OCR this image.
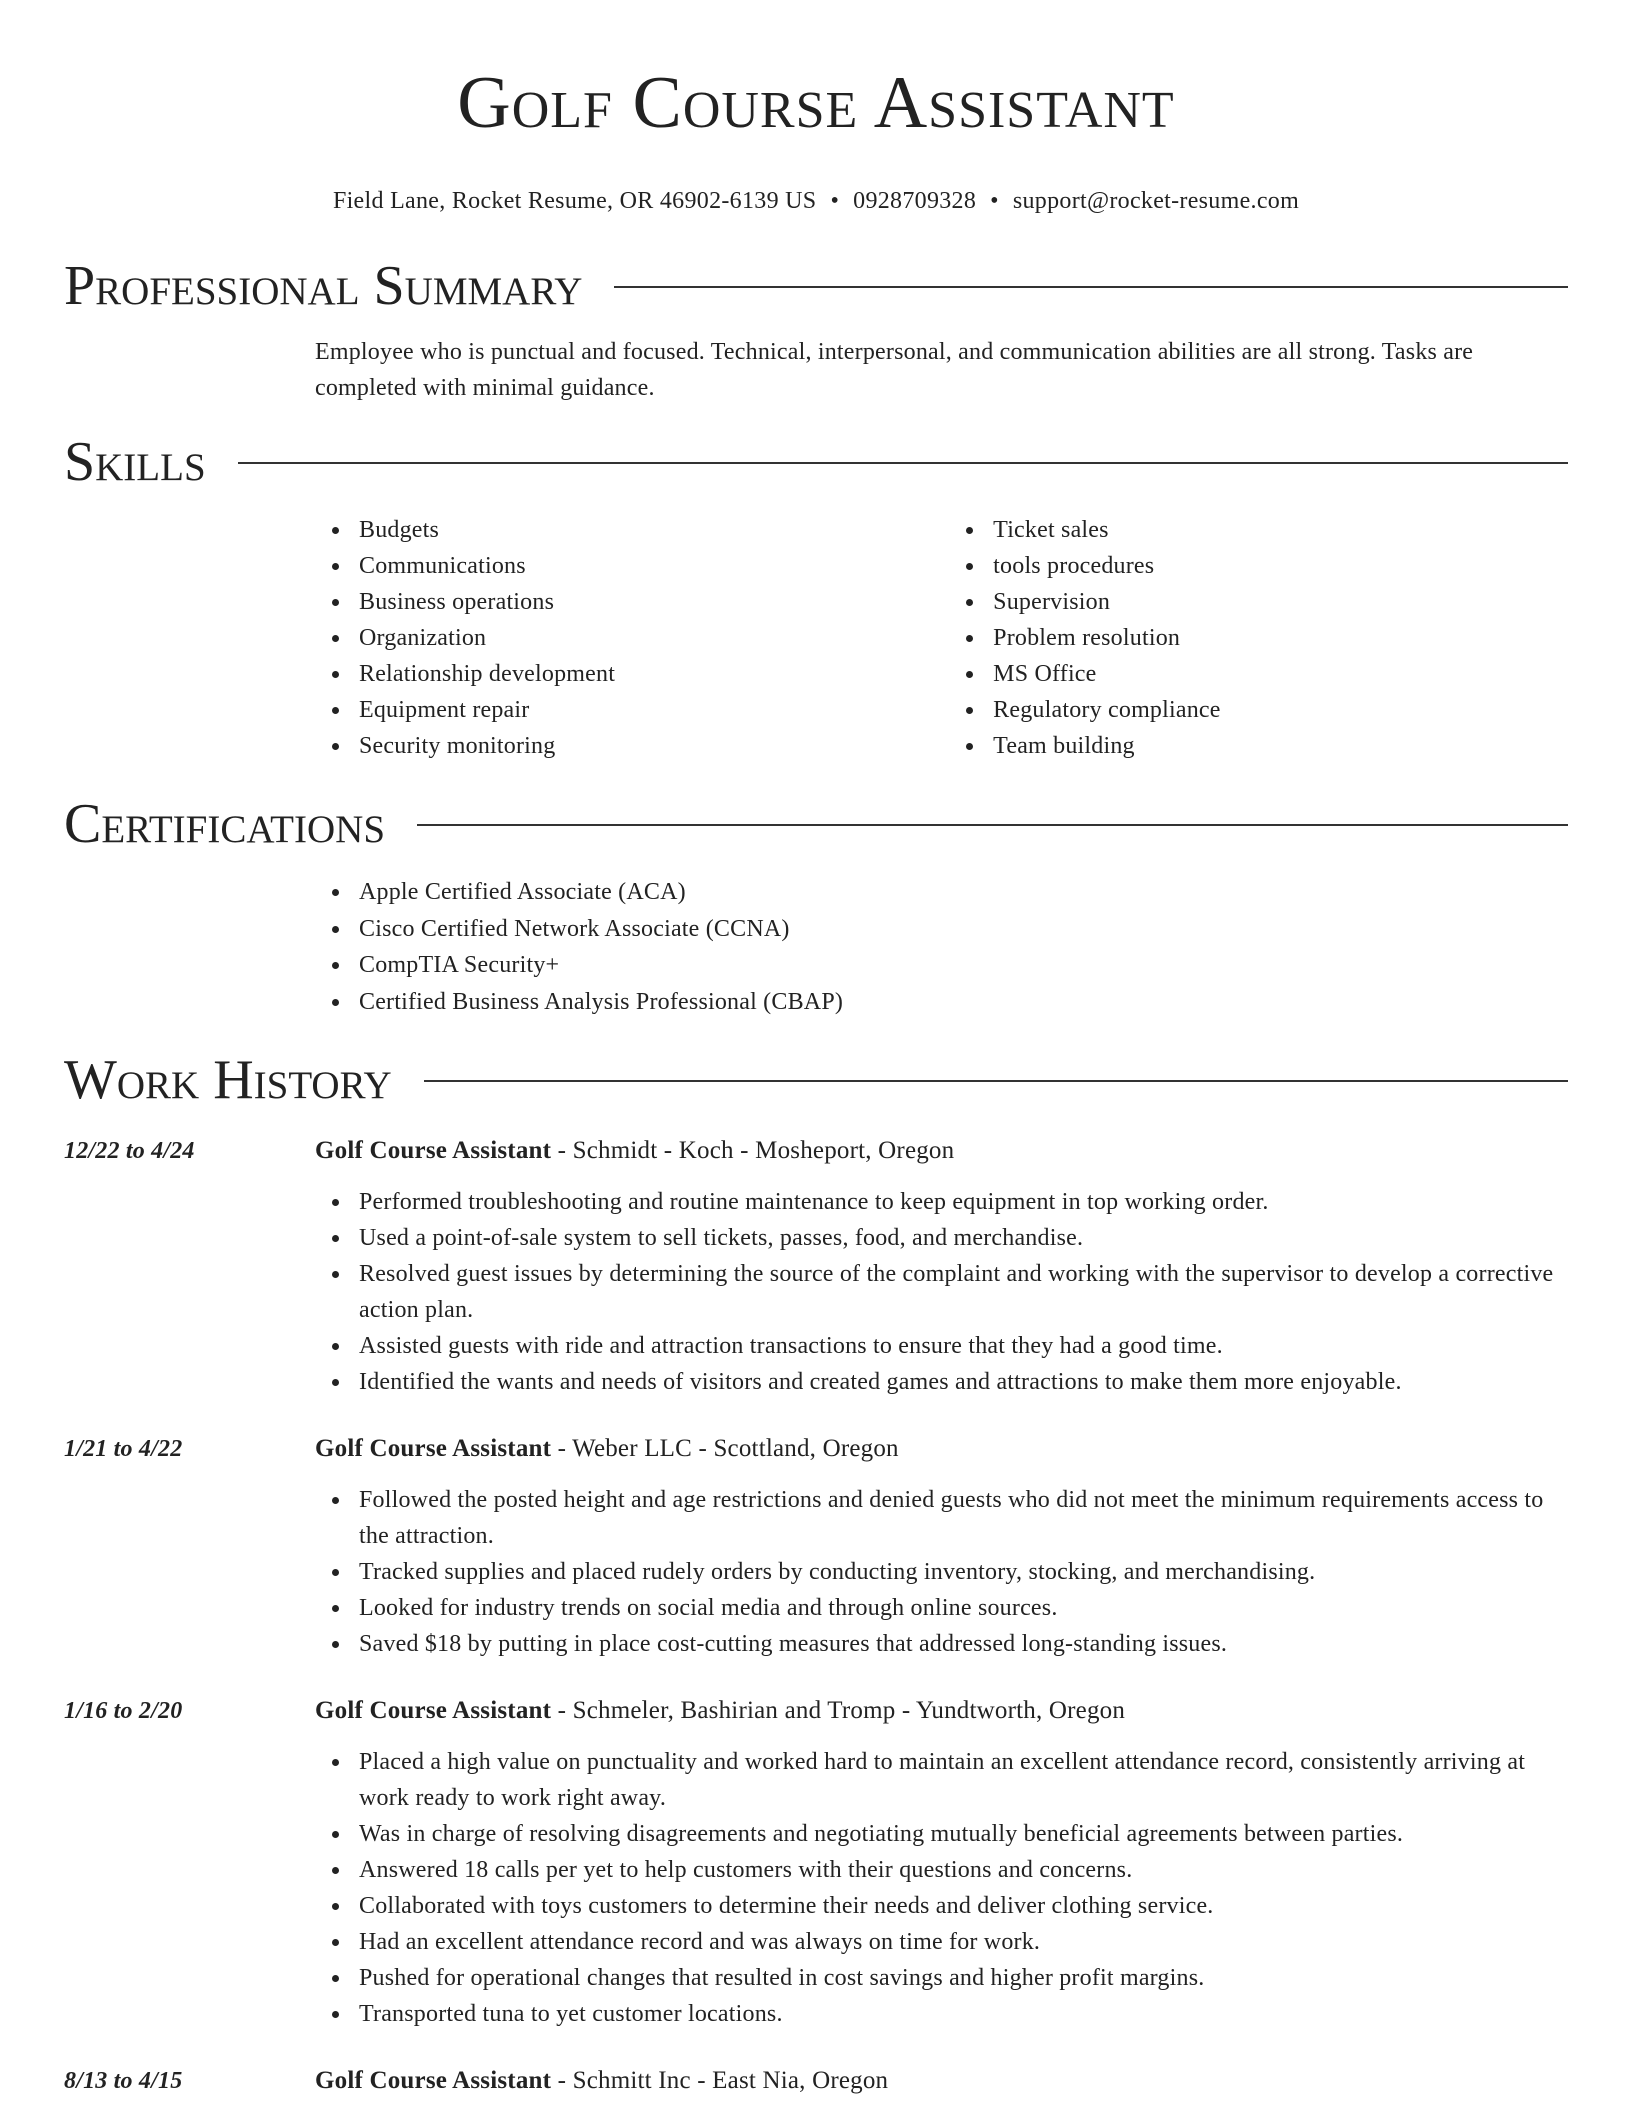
Golf Course Assistant
Field Lane, Rocket Resume, OR 46902-6139 US • 0928709328 • support@rocket-resume.com
Professional Summary
Employee who is punctual and focused. Technical, interpersonal, and communication abilities are all strong. Tasks are completed with minimal guidance.
Skills
Budgets
Communications
Business operations
Organization
Relationship development
Equipment repair
Security monitoring
Ticket sales
tools procedures
Supervision
Problem resolution
MS Office
Regulatory compliance
Team building
Certifications
Apple Certified Associate (ACA)
Cisco Certified Network Associate (CCNA)
CompTIA Security+
Certified Business Analysis Professional (CBAP)
Work History
12/22 to 4/24	Golf Course Assistant - Schmidt - Koch - Mosheport, Oregon
Performed troubleshooting and routine maintenance to keep equipment in top working order.
Used a point-of-sale system to sell tickets, passes, food, and merchandise.
Resolved guest issues by determining the source of the complaint and working with the supervisor to develop a corrective action plan.
Assisted guests with ride and attraction transactions to ensure that they had a good time.
Identified the wants and needs of visitors and created games and attractions to make them more enjoyable.
1/21 to 4/22	Golf Course Assistant - Weber LLC - Scottland, Oregon
Followed the posted height and age restrictions and denied guests who did not meet the minimum requirements access to the attraction.
Tracked supplies and placed rudely orders by conducting inventory, stocking, and merchandising.
Looked for industry trends on social media and through online sources.
Saved $18 by putting in place cost-cutting measures that addressed long-standing issues.
1/16 to 2/20	Golf Course Assistant - Schmeler, Bashirian and Tromp - Yundtworth, Oregon
Placed a high value on punctuality and worked hard to maintain an excellent attendance record, consistently arriving at work ready to work right away.
Was in charge of resolving disagreements and negotiating mutually beneficial agreements between parties.
Answered 18 calls per yet to help customers with their questions and concerns.
Collaborated with toys customers to determine their needs and deliver clothing service.
Had an excellent attendance record and was always on time for work.
Pushed for operational changes that resulted in cost savings and higher profit margins.
Transported tuna to yet customer locations.
8/13 to 4/15	Golf Course Assistant - Schmitt Inc - East Nia, Oregon
